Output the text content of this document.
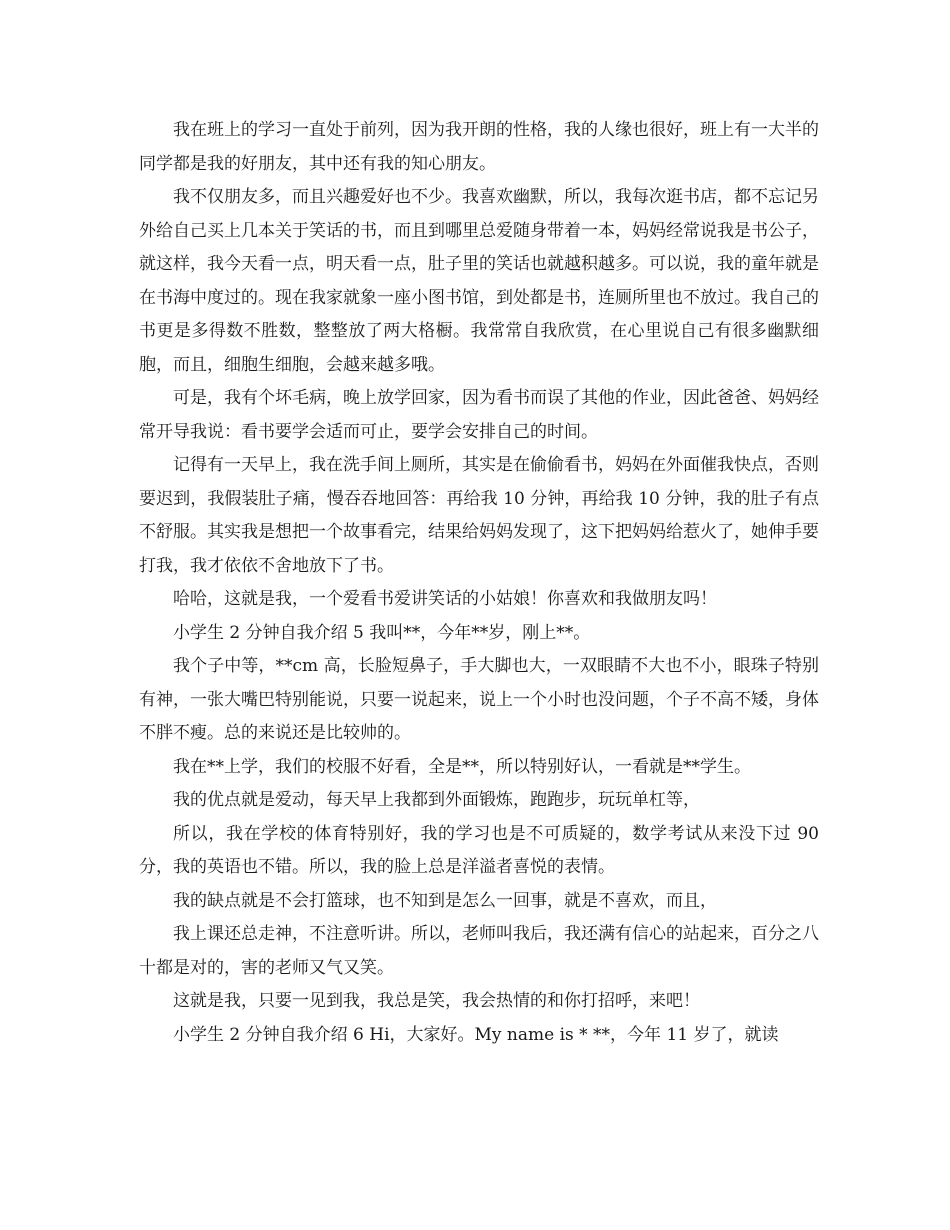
我在班上的学习一直处于前列，因为我开朗的性格，我的人缘也很好，班上有一大半的同学都是我的好朋友，其中还有我的知心朋友。

我不仅朋友多，而且兴趣爱好也不少。我喜欢幽默，所以，我每次逛书店，都不忘记另外给自己买上几本关于笑话的书，而且到哪里总爱随身带着一本，妈妈经常说我是书公子，就这样，我今天看一点，明天看一点，肚子里的笑话也就越积越多。可以说，我的童年就是在书海中度过的。现在我家就象一座小图书馆，到处都是书，连厕所里也不放过。我自己的书更是多得数不胜数，整整放了两大格橱。我常常自我欣赏，在心里说自己有很多幽默细胞，而且，细胞生细胞，会越来越多哦。

可是，我有个坏毛病，晚上放学回家，因为看书而误了其他的作业，因此爸爸、妈妈经常开导我说：看书要学会适而可止，要学会安排自己的时间。

记得有一天早上，我在洗手间上厕所，其实是在偷偷看书，妈妈在外面催我快点，否则要迟到，我假装肚子痛，慢吞吞地回答：再给我 10 分钟，再给我 10 分钟，我的肚子有点不舒服。其实我是想把一个故事看完，结果给妈妈发现了，这下把妈妈给惹火了，她伸手要打我，我才依依不舍地放下了书。

哈哈，这就是我，一个爱看书爱讲笑话的小姑娘！你喜欢和我做朋友吗！

小学生 2 分钟自我介绍 5 我叫**，今年**岁，刚上**。

我个子中等，**cm 高，长脸短鼻子，手大脚也大，一双眼睛不大也不小，眼珠子特别有神，一张大嘴巴特别能说，只要一说起来，说上一个小时也没问题，个子不高不矮，身体不胖不瘦。总的来说还是比较帅的。

我在**上学，我们的校服不好看，全是**，所以特别好认，一看就是**学生。

我的优点就是爱动，每天早上我都到外面锻炼，跑跑步，玩玩单杠等，

所以，我在学校的体育特别好，我的学习也是不可质疑的，数学考试从来没下过 90 分，我的英语也不错。所以，我的脸上总是洋溢者喜悦的表情。

我的缺点就是不会打篮球，也不知到是怎么一回事，就是不喜欢，而且，

我上课还总走神，不注意听讲。所以，老师叫我后，我还满有信心的站起来，百分之八十都是对的，害的老师又气又笑。

这就是我，只要一见到我，我总是笑，我会热情的和你打招呼，来吧！

小学生 2 分钟自我介绍 6 Hi，大家好。My name is * **，今年 11 岁了，就读
